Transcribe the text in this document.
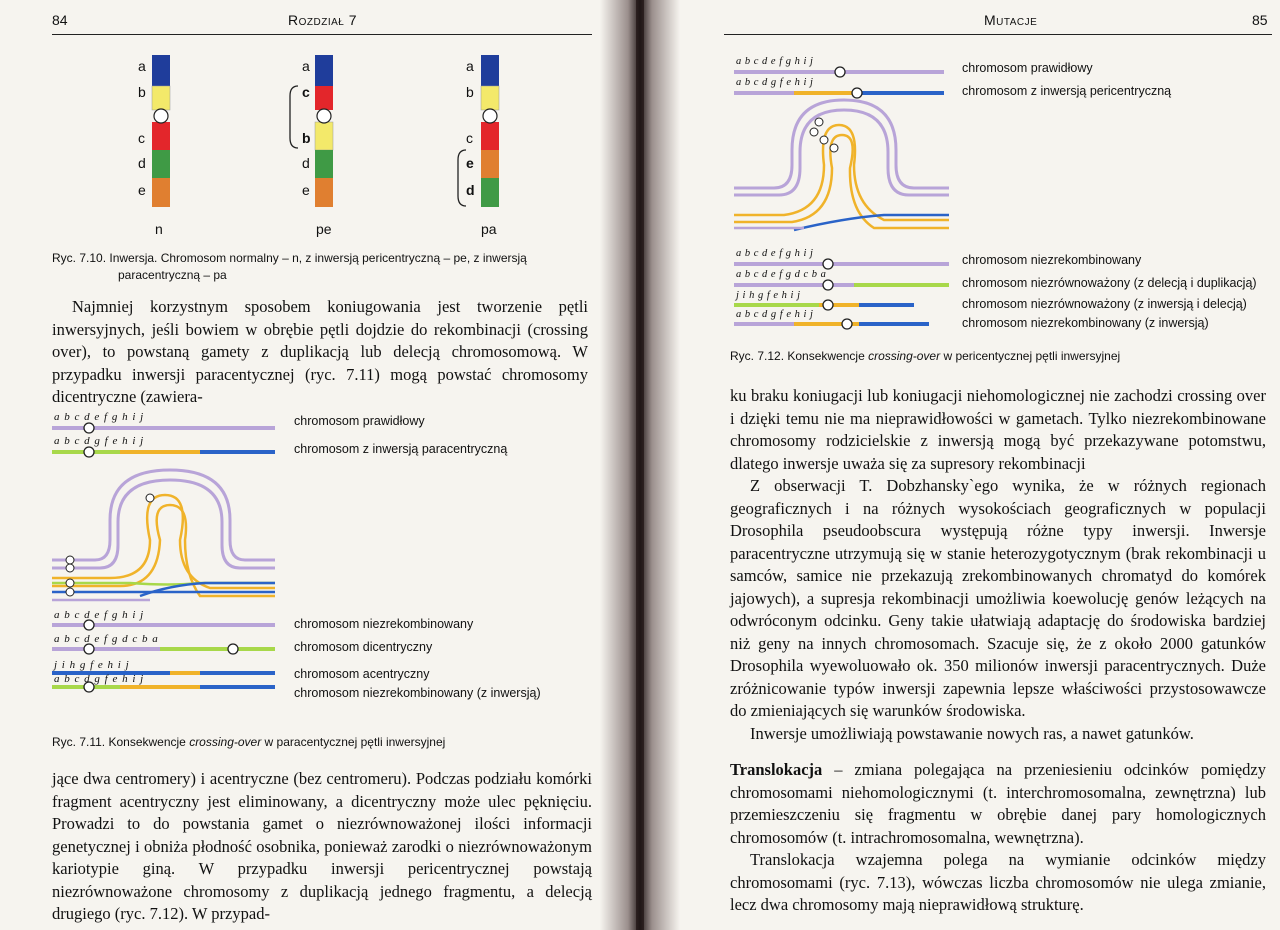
84	Rozdział 7
a
b
c
d
e
a
c
b
d
e
a
b
c
e
d
n	pe	pa
Ryc. 7.10. Inwersja. Chromosom normalny – n, z inwersją pericentryczną – pe, z inwersją
paracentryczną – pa

Najmniej korzystnym sposobem koniugowania jest tworzenie pętli inwersyjnych, jeśli bowiem w obrębie pętli dojdzie do rekombinacji (crossing over), to powstaną gamety z duplikacją lub delecją chromosomową. W przypadku inwersji paracentycznej (ryc. 7.11) mogą powstać chromosomy dicentryczne (zawiera-

a b c d e f g h i j
a b c d g f e h i j
chromosom prawidłowy
chromosom z inwersją paracentryczną
a b c d e f g h i j
a b c d e f g d c b a
j i h g f e h i j
a b c d g f e h i j
chromosom niezrekombinowany
chromosom dicentryczny
chromosom acentryczny
chromosom niezrekombinowany (z inwersją)
Ryc. 7.11. Konsekwencje crossing-over w paracentycznej pętli inwersyjnej

jące dwa centromery) i acentryczne (bez centromeru). Podczas podziału komórki fragment acentryczny jest eliminowany, a dicentryczny może ulec pęknięciu. Prowadzi to do powstania gamet o niezrównoważonej ilości informacji genetycznej i obniża płodność osobnika, ponieważ zarodki o niezrównoważonym kariotypie giną. W przypadku inwersji pericentrycznej powstają niezrównoważone chromosomy z duplikacją jednego fragmentu, a delecją drugiego (ryc. 7.12). W przypad-

85
Mutacje
a b c d e f g h i j
a b c d g f e h i j
chromosom prawidłowy
chromosom z inwersją pericentryczną
a b c d e f g h i j
a b c d e f g d c b a
j i h g f e h i j
a b c d g f e h i j
chromosom niezrekombinowany
chromosom niezrównoważony (z delecją i duplikacją)
chromosom niezrównoważony (z inwersją i delecją)
chromosom niezrekombinowany (z inwersją)
Ryc. 7.12. Konsekwencje crossing-over w pericentycznej pętli inwersyjnej

ku braku koniugacji lub koniugacji niehomologicznej nie zachodzi crossing over i dzięki temu nie ma nieprawidłowości w gametach. Tylko niezrekombinowane chromosomy rodzicielskie z inwersją mogą być przekazywane potomstwu, dlatego inwersje uważa się za supresory rekombinacji

Z obserwacji T. Dobzhansky`ego wynika, że w różnych regionach geograficznych i na różnych wysokościach geograficznych w populacji Drosophila pseudoobscura występują różne typy inwersji. Inwersje paracentryczne utrzymują się w stanie heterozygotycznym (brak rekombinacji u samców, samice nie przekazują zrekombinowanych chromatyd do komórek jajowych), a supresja rekombinacji umożliwia koewolucję genów leżących na odwróconym odcinku. Geny takie ułatwiają adaptację do środowiska bardziej niż geny na innych chromosomach. Szacuje się, że z około 2000 gatunków Drosophila wyewoluowało ok. 350 milionów inwersji paracentrycznych. Duże zróżnicowanie typów inwersji zapewnia lepsze właściwości przystosowawcze do zmieniających się warunków środowiska.

Inwersje umożliwiają powstawanie nowych ras, a nawet gatunków.

Translokacja – zmiana polegająca na przeniesieniu odcinków pomiędzy chromosomami niehomologicznymi (t. interchromosomalna, zewnętrzna) lub przemieszczeniu się fragmentu w obrębie danej pary homologicznych chromosomów (t. intrachromosomalna, wewnętrzna).

Translokacja wzajemna polega na wymianie odcinków między chromosomami (ryc. 7.13), wówczas liczba chromosomów nie ulega zmianie, lecz dwa chromosomy mają nieprawidłową strukturę.
